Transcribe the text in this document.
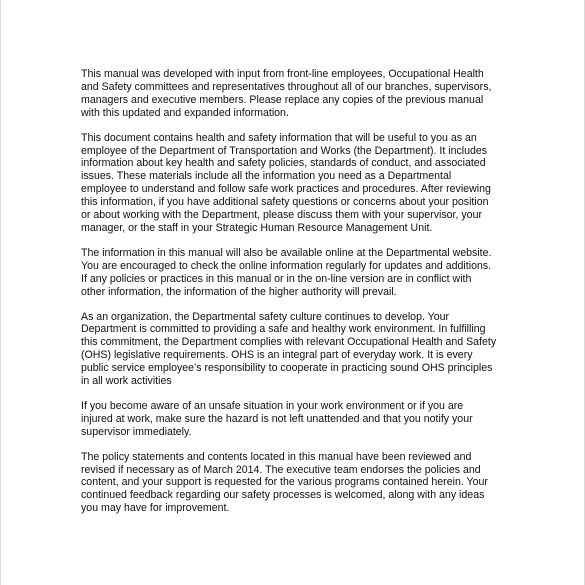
This manual was developed with input from front-line employees, Occupational Health
and Safety committees and representatives throughout all of our branches, supervisors,
managers and executive members. Please replace any copies of the previous manual
with this updated and expanded information.

This document contains health and safety information that will be useful to you as an
employee of the Department of Transportation and Works (the Department). It includes
information about key health and safety policies, standards of conduct, and associated
issues. These materials include all the information you need as a Departmental
employee to understand and follow safe work practices and procedures. After reviewing
this information, if you have additional safety questions or concerns about your position
or about working with the Department, please discuss them with your supervisor, your
manager, or the staff in your Strategic Human Resource Management Unit.

The information in this manual will also be available online at the Departmental website.
You are encouraged to check the online information regularly for updates and additions.
If any policies or practices in this manual or in the on-line version are in conflict with
other information, the information of the higher authority will prevail.

As an organization, the Departmental safety culture continues to develop. Your
Department is committed to providing a safe and healthy work environment. In fulfilling
this commitment, the Department complies with relevant Occupational Health and Safety
(OHS) legislative requirements. OHS is an integral part of everyday work. It is every
public service employee’s responsibility to cooperate in practicing sound OHS principles
in all work activities

If you become aware of an unsafe situation in your work environment or if you are
injured at work, make sure the hazard is not left unattended and that you notify your
supervisor immediately.

The policy statements and contents located in this manual have been reviewed and
revised if necessary as of March 2014. The executive team endorses the policies and
content, and your support is requested for the various programs contained herein. Your
continued feedback regarding our safety processes is welcomed, along with any ideas
you may have for improvement.
